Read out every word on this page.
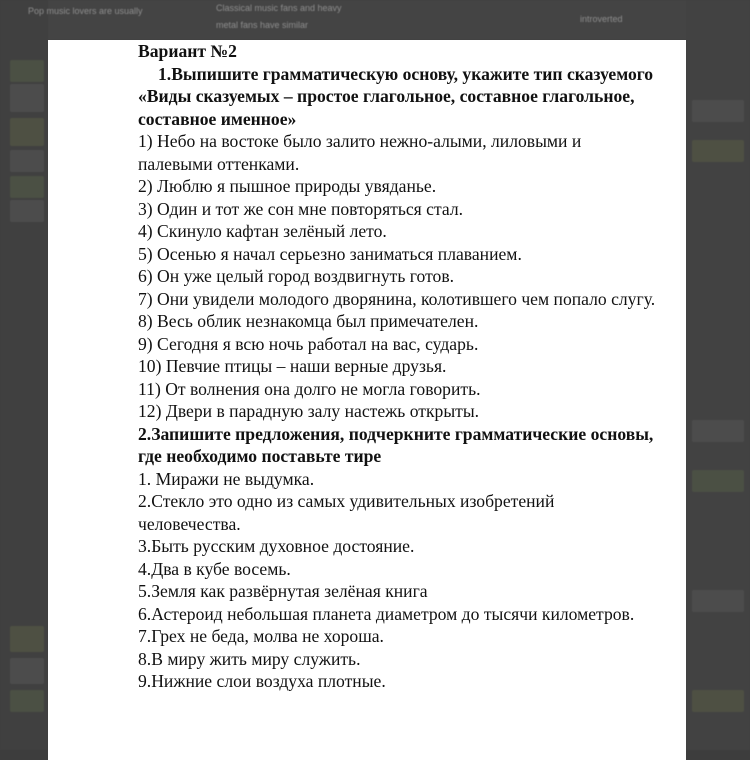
Pop music lovers are usually	Classical music fans and heavy
metal fans have similar
introverted

Вариант №2

1.Выпишите грамматическую основу, укажите тип сказуемого

«Виды сказуемых – простое глагольное, составное глагольное, составное именное»

1) Небо на востоке было залито нежно-алыми, лиловыми и палевыми оттенками.

2) Люблю я пышное природы увяданье.

3) Один и тот же сон мне повторяться стал.

4) Скинуло кафтан зелёный лето.

5) Осенью я начал серьезно заниматься плаванием.

6) Он уже целый город воздвигнуть готов.

7) Они увидели молодого дворянина, колотившего чем попало слугу.

8) Весь облик незнакомца был примечателен.

9) Сегодня я всю ночь работал на вас, сударь.

10) Певчие птицы – наши верные друзья.

11) От волнения она долго не могла говорить.

12) Двери в парадную залу настежь открыты.

2.Запишите предложения, подчеркните грамматические основы, где необходимо поставьте тире

1. Миражи не выдумка.

2.Стекло это одно из самых удивительных изобретений человечества.

3.Быть русским духовное достояние.

4.Два в кубе восемь.

5.Земля как развёрнутая зелёная книга

6.Астероид небольшая планета диаметром до тысячи километров.

7.Грех не беда, молва не хороша.

8.В миру жить миру служить.

9.Нижние слои воздуха плотные.
